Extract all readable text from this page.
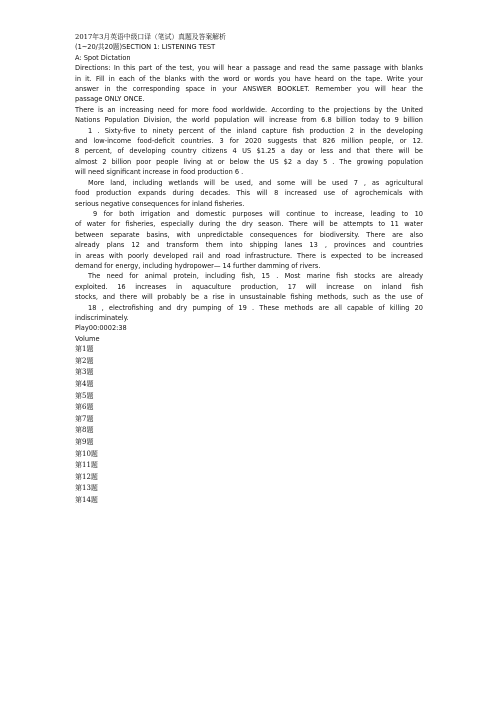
2017年3月英语中级口译（笔试）真题及答案解析
(1~20/共20题)SECTION 1: LISTENING TEST
A: Spot Dictation
Directions: In this part of the test, you will hear a passage and read the same passage with blanks
in it. Fill in each of the blanks with the word or words you have heard on the tape. Write your
answer in the corresponding space in your ANSWER BOOKLET. Remember you will hear the
passage ONLY ONCE.
There is an increasing need for more food worldwide. According to the projections by the United
Nations Population Division, the world population will increase from 6.8 billion today to 9 billion
1 . Sixty-five to ninety percent of the inland capture fish production 2 in the developing
and low-income food-deficit countries. 3 for 2020 suggests that 826 million people, or 12.
8 percent, of developing country citizens 4 US $1.25 a day or less and that there will be
almost 2 billion poor people living at or below the US $2 a day 5 . The growing population
will need significant increase in food production 6 .
More land, including wetlands will be used, and some will be used 7 , as agricultural
food production expands during decades. This will 8 increased use of agrochemicals with
serious negative consequences for inland fisheries.
9 for both irrigation and domestic purposes will continue to increase, leading to 10
of water for fisheries, especially during the dry season. There will be attempts to 11 water
between separate basins, with unpredictable consequences for biodiversity. There are also
already plans 12 and transform them into shipping lanes 13 , provinces and countries
in areas with poorly developed rail and road infrastructure. There is expected to be increased
demand for energy, including hydropower— 14 further damming of rivers.
The need for animal protein, including fish, 15 . Most marine fish stocks are already
exploited. 16 increases in aquaculture production, 17 will increase on inland fish
stocks, and there will probably be a rise in unsustainable fishing methods, such as the use of
18 , electrofishing and dry pumping of 19 . These methods are all capable of killing 20
indiscriminately.
Play00:0002:38
Volume
第1题
第2题
第3题
第4题
第5题
第6题
第7题
第8题
第9题
第10题
第11题
第12题
第13题
第14题
